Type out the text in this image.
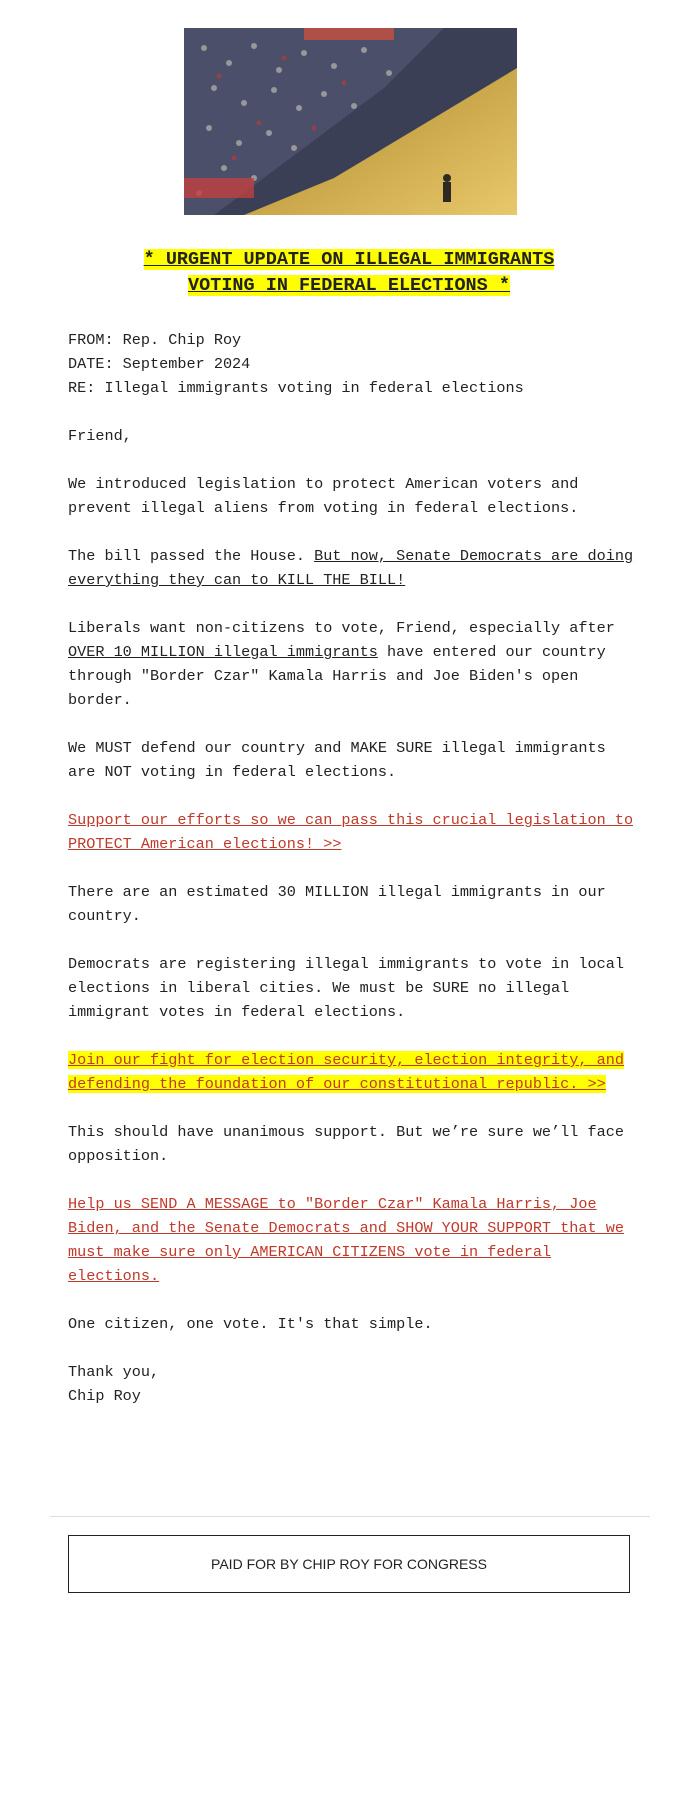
* URGENT UPDATE ON ILLEGAL IMMIGRANTS
VOTING IN FEDERAL ELECTIONS *

FROM: Rep. Chip Roy
DATE: September 2024
RE: Illegal immigrants voting in federal elections

Friend,

We introduced legislation to protect American voters and prevent illegal aliens from voting in federal elections.

The bill passed the House. But now, Senate Democrats are doing everything they can to KILL THE BILL!

Liberals want non-citizens to vote, Friend, especially after OVER 10 MILLION illegal immigrants have entered our country through "Border Czar" Kamala Harris and Joe Biden's open border.

We MUST defend our country and MAKE SURE illegal immigrants are NOT voting in federal elections.

Support our efforts so we can pass this crucial legislation to PROTECT American elections! >>

There are an estimated 30 MILLION illegal immigrants in our country.

Democrats are registering illegal immigrants to vote in local elections in liberal cities. We must be SURE no illegal immigrant votes in federal elections.

Join our fight for election security, election integrity, and defending the foundation of our constitutional republic. >>

This should have unanimous support. But we’re sure we’ll face opposition.

Help us SEND A MESSAGE to "Border Czar" Kamala Harris, Joe Biden, and the Senate Democrats and SHOW YOUR SUPPORT that we must make sure only AMERICAN CITIZENS vote in federal elections.

One citizen, one vote. It's that simple.

Thank you,
Chip Roy

PAID FOR BY CHIP ROY FOR CONGRESS
